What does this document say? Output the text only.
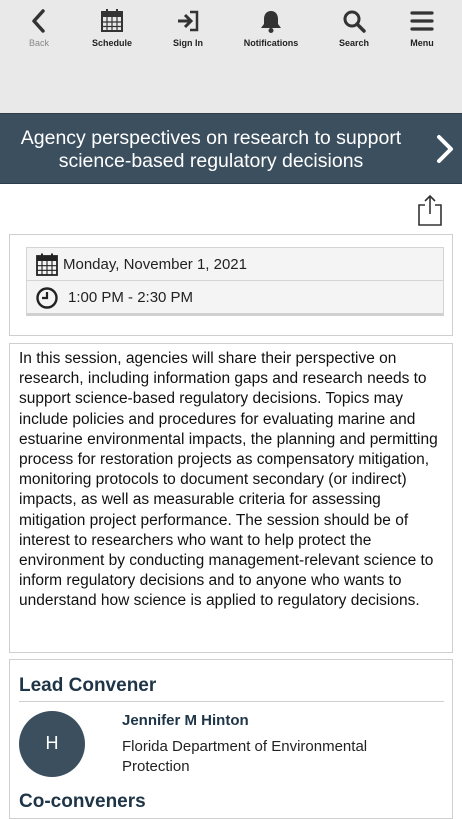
Back	Schedule	Sign In	Notifications	Search	Menu
Agency perspectives on research to support science-based regulatory decisions
Monday, November 1, 2021
1:00 PM - 2:30 PM

In this session, agencies will share their perspective on research, including information gaps and research needs to support science-based regulatory decisions. Topics may include policies and procedures for evaluating marine and estuarine environmental impacts, the planning and permitting process for restoration projects as compensatory mitigation, monitoring protocols to document secondary (or indirect) impacts, as well as measurable criteria for assessing mitigation project performance. The session should be of interest to researchers who want to help protect the environment by conducting management-relevant science to inform regulatory decisions and to anyone who wants to understand how science is applied to regulatory decisions.

Lead Convener
H
Jennifer M Hinton
Florida Department of Environmental Protection
Co-conveners
